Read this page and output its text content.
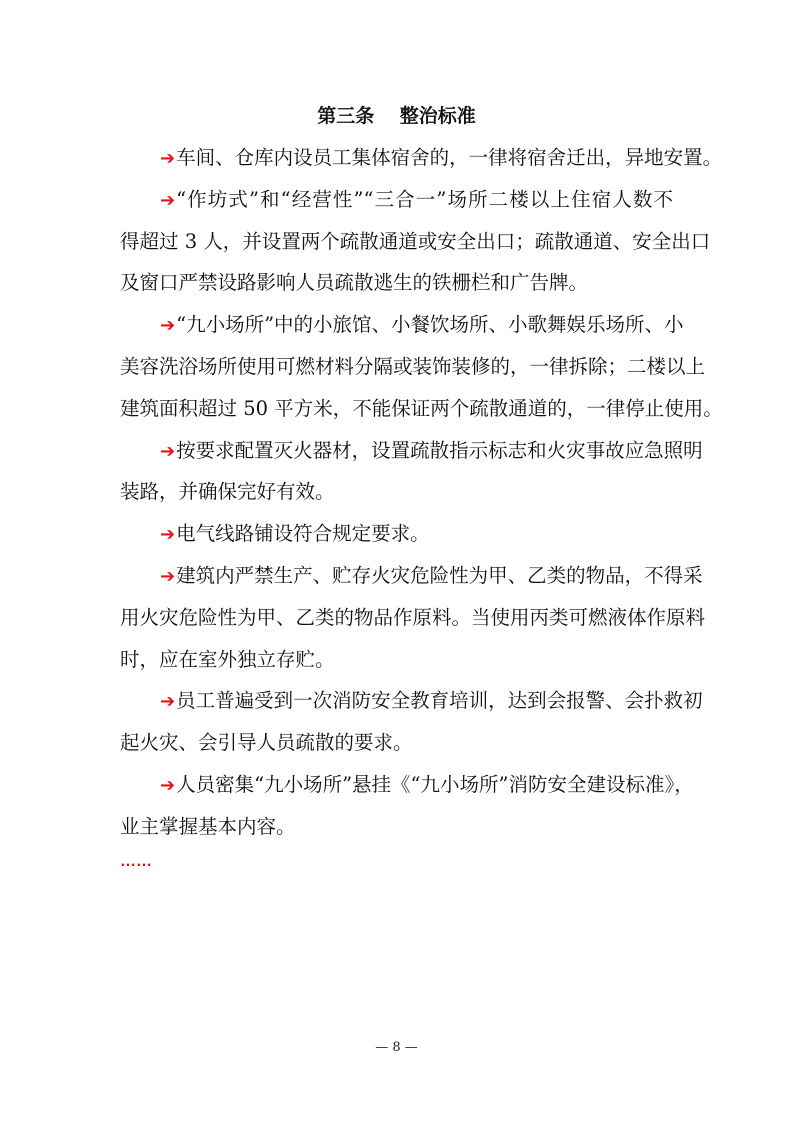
第三条　 整治标准
➔车间、仓库内设员工集体宿舍的，一律将宿舍迁出，异地安置。
➔“作坊式”和“经营性”“三合一”场所二楼以上住宿人数不
得超过 3 人，并设置两个疏散通道或安全出口；疏散通道、安全出口
及窗口严禁设路影响人员疏散逃生的铁栅栏和广告牌。
➔“九小场所”中的小旅馆、小餐饮场所、小歌舞娱乐场所、小
美容洗浴场所使用可燃材料分隔或装饰装修的，一律拆除；二楼以上
建筑面积超过 50 平方米，不能保证两个疏散通道的，一律停止使用。
➔按要求配置灭火器材，设置疏散指示标志和火灾事故应急照明
装路，并确保完好有效。
➔电气线路铺设符合规定要求。
➔建筑内严禁生产、贮存火灾危险性为甲、乙类的物品，不得采
用火灾危险性为甲、乙类的物品作原料。当使用丙类可燃液体作原料
时，应在室外独立存贮。
➔员工普遍受到一次消防安全教育培训，达到会报警、会扑救初
起火灾、会引导人员疏散的要求。
➔人员密集“九小场所”悬挂《“九小场所”消防安全建设标准》，
业主掌握基本内容。
……
— 8 —
